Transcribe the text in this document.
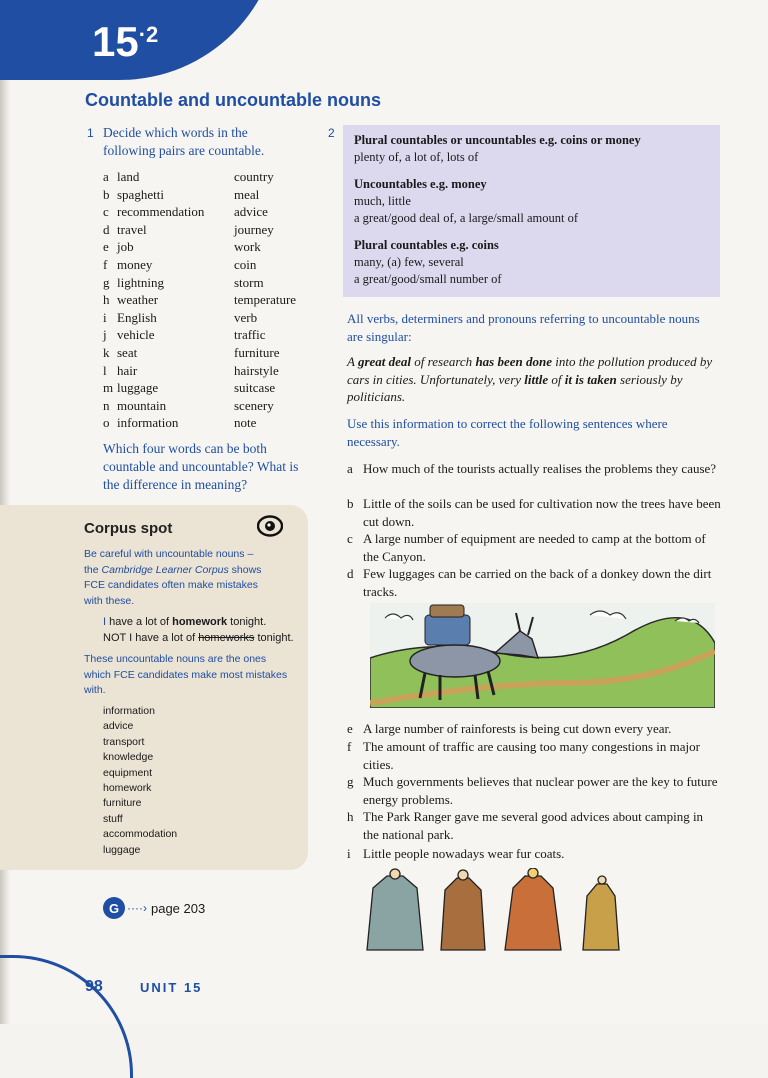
$15^{\cdot 2}$
Countable and uncountable nouns
1 Decide which words in the following pairs are countable.
a land	country
b spaghetti	meal
c recommendation	advice
d travel	journey
e job	work
f money	coin
g lightning	storm
h weather	temperature
i English	verb
j vehicle	traffic
k seat	furniture
l hair	hairstyle
m luggage	suitcase
n mountain	scenery
o information	note
Which four words can be both countable and uncountable? What is the difference in meaning?
Corpus spot
Be careful with uncountable nouns –
the Cambridge Learner Corpus shows
FCE candidates often make mistakes
with these.
I have a lot of homework tonight.
NOT I have a lot of homeworks tonight.
These uncountable nouns are the ones which FCE candidates make most mistakes with.
information
advice
transport
knowledge
equipment
homework
furniture
stuff
accommodation
luggage
G ····› page 203
2 Plural countables or uncountables e.g. coins or money
plenty of, a lot of, lots of
Uncountables e.g. money
much, little
a great/good deal of, a large/small amount of
Plural countables e.g. coins
many, (a) few, several
a great/good/small number of
All verbs, determiners and pronouns referring to uncountable nouns are singular:
A great deal of research has been done into the pollution produced by cars in cities. Unfortunately, very little of it is taken seriously by politicians.
Use this information to correct the following sentences where necessary.
a How much of the tourists actually realises the problems they cause?
b Little of the soils can be used for cultivation now the trees have been cut down.
c A large number of equipment are needed to camp at the bottom of the Canyon.
d Few luggages can be carried on the back of a donkey down the dirt tracks.
e A large number of rainforests is being cut down every year.
f The amount of traffic are causing too many congestions in major cities.
g Much governments believes that nuclear power are the key to future energy problems.
h The Park Ranger gave me several good advices about camping in the national park.
i Little people nowadays wear fur coats.
98	UNIT 15
